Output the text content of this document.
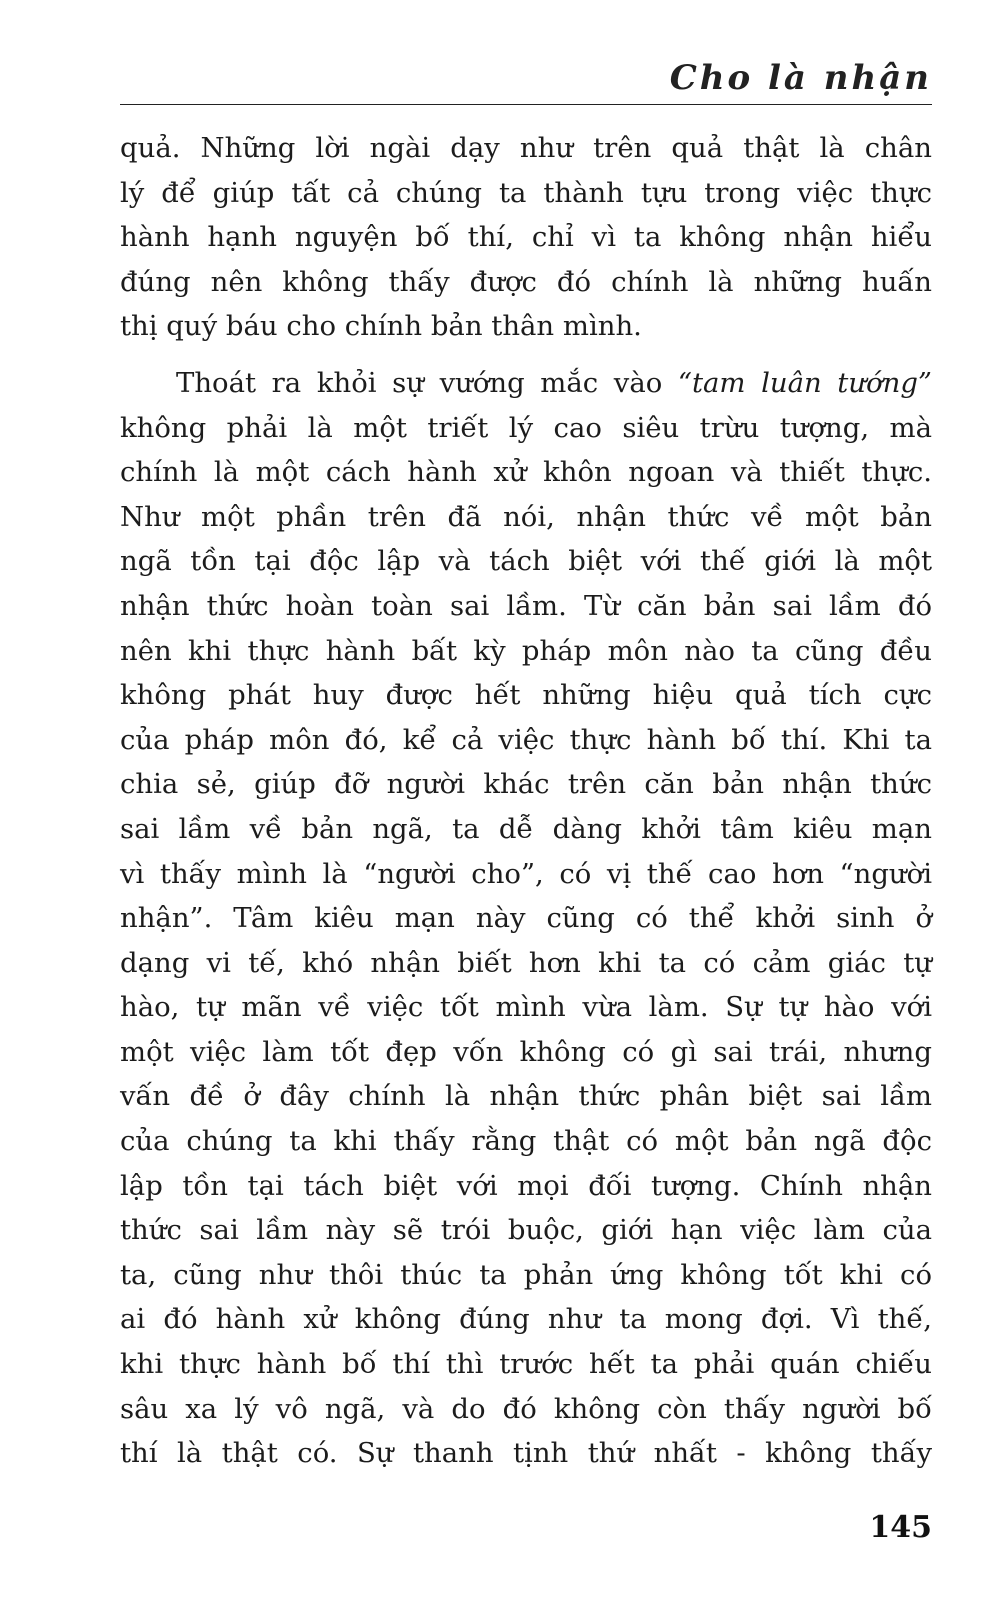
Cho là nhận
quả. Những lời ngài dạy như trên quả thật là chân
lý để giúp tất cả chúng ta thành tựu trong việc thực
hành hạnh nguyện bố thí, chỉ vì ta không nhận hiểu
đúng nên không thấy được đó chính là những huấn
thị quý báu cho chính bản thân mình.
Thoát ra khỏi sự vướng mắc vào “tam luân tướng”
không phải là một triết lý cao siêu trừu tượng, mà
chính là một cách hành xử khôn ngoan và thiết thực.
Như một phần trên đã nói, nhận thức về một bản
ngã tồn tại độc lập và tách biệt với thế giới là một
nhận thức hoàn toàn sai lầm. Từ căn bản sai lầm đó
nên khi thực hành bất kỳ pháp môn nào ta cũng đều
không phát huy được hết những hiệu quả tích cực
của pháp môn đó, kể cả việc thực hành bố thí. Khi ta
chia sẻ, giúp đỡ người khác trên căn bản nhận thức
sai lầm về bản ngã, ta dễ dàng khởi tâm kiêu mạn
vì thấy mình là “người cho”, có vị thế cao hơn “người
nhận”. Tâm kiêu mạn này cũng có thể khởi sinh ở
dạng vi tế, khó nhận biết hơn khi ta có cảm giác tự
hào, tự mãn về việc tốt mình vừa làm. Sự tự hào với
một việc làm tốt đẹp vốn không có gì sai trái, nhưng
vấn đề ở đây chính là nhận thức phân biệt sai lầm
của chúng ta khi thấy rằng thật có một bản ngã độc
lập tồn tại tách biệt với mọi đối tượng. Chính nhận
thức sai lầm này sẽ trói buộc, giới hạn việc làm của
ta, cũng như thôi thúc ta phản ứng không tốt khi có
ai đó hành xử không đúng như ta mong đợi. Vì thế,
khi thực hành bố thí thì trước hết ta phải quán chiếu
sâu xa lý vô ngã, và do đó không còn thấy người bố
thí là thật có. Sự thanh tịnh thứ nhất - không thấy
145
